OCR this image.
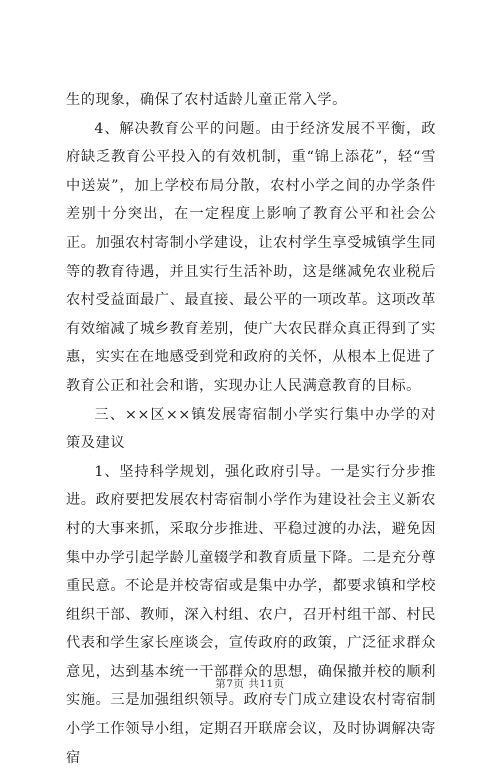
生的现象，确保了农村适龄儿童正常入学。

4、解决教育公平的问题。由于经济发展不平衡，政府缺乏教育公平投入的有效机制，重“锦上添花”，轻“雪中送炭”，加上学校布局分散，农村小学之间的办学条件差别十分突出，在一定程度上影响了教育公平和社会公正。加强农村寄制小学建设，让农村学生享受城镇学生同等的教育待遇，并且实行生活补助，这是继减免农业税后农村受益面最广、最直接、最公平的一项改革。这项改革有效缩减了城乡教育差别，使广大农民群众真正得到了实惠，实实在在地感受到党和政府的关怀，从根本上促进了教育公正和社会和谐，实现办让人民满意教育的目标。

三、××区××镇发展寄宿制小学实行集中办学的对策及建议

1、坚持科学规划，强化政府引导。一是实行分步推进。政府要把发展农村寄宿制小学作为建设社会主义新农村的大事来抓，采取分步推进、平稳过渡的办法，避免因集中办学引起学龄儿童辍学和教育质量下降。二是充分尊重民意。不论是并校寄宿或是集中办学，都要求镇和学校组织干部、教师，深入村组、农户，召开村组干部、村民代表和学生家长座谈会，宣传政府的政策，广泛征求群众意见，达到基本统一干部群众的思想，确保撤并校的顺利实施。三是加强组织领导。政府专门成立建设农村寄宿制小学工作领导小组，定期召开联席会议，及时协调解决寄宿

第7页 共11页
